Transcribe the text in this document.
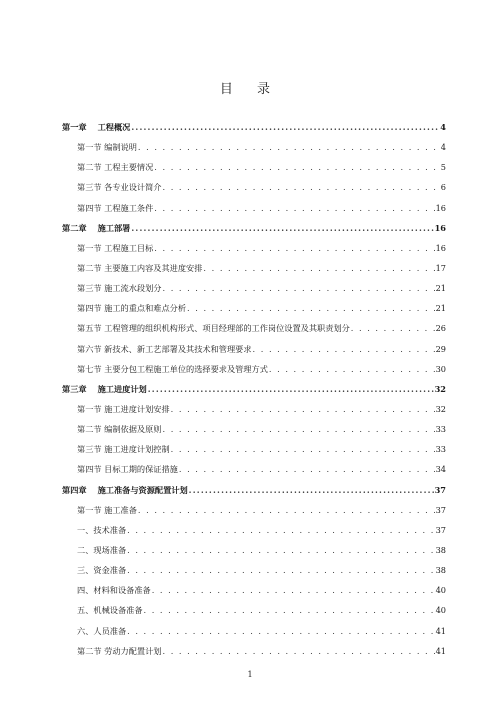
目 录
第一章　 工程概况 .....	4
第一节 编制说明 . . .	4
第二节 工程主要情况 . . .	5
第三节 各专业设计简介 . . .	6
第四节 工程施工条件 . . .	16
第二章　 施工部署 .....	16
第一节 工程施工目标 . . .	16
第二节 主要施工内容及其进度安排 . . .	17
第三节 施工流水段划分 . . .	21
第四节 施工的重点和难点分析 . . .	21
第五节 工程管理的组织机构形式、项目经理部的工作岗位设置及其职责划分 . . .	26
第六节 新技术、新工艺部署及其技术和管理要求 . . .	29
第七节 主要分包工程施工单位的选择要求及管理方式 . . .	30
第三章　 施工进度计划 .....	32
第一节 施工进度计划安排 . . .	32
第二节 编制依据及原则 . . .	33
第三节 施工进度计划控制 . . .	33
第四节 目标工期的保证措施 . . .	34
第四章　 施工准备与资源配置计划 .....	37
第一节 施工准备 . . .	37
一、技术准备 . . .	37
二、现场准备 . . .	38
三、资金准备 . . .	38
四、材料和设备准备 . . .	40
五、机械设备准备 . . .	40
六、人员准备 . . .	41
第二节 劳动力配置计划 . . .	41
1
